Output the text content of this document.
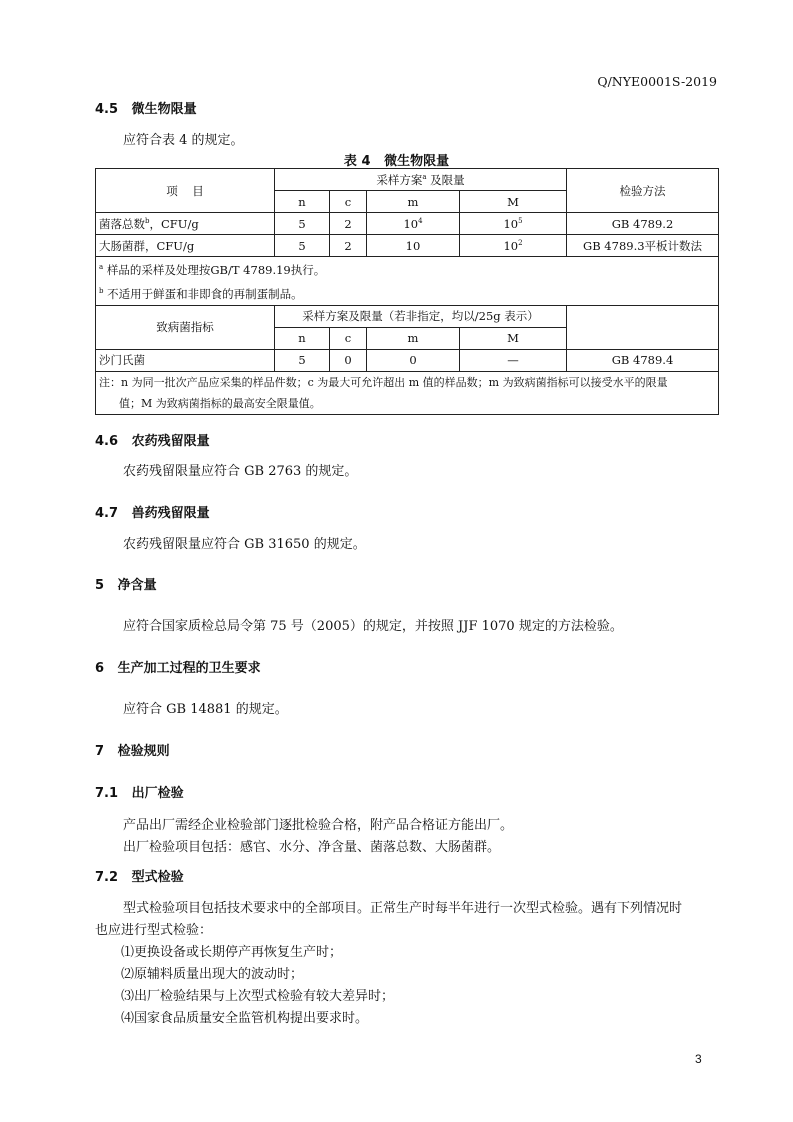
Q/NYE0001S-2019
4.5 微生物限量
应符合表 4 的规定。
表 4   微生物限量
项    目	采样方案$^a$ 及限量				检验方法
	n	c	m	M	
菌落总数$^b$，CFU/g	5	2	$10^4$	$10^5$	GB 4789.2
大肠菌群，CFU/g	5	2	10	$10^2$	GB 4789.3平板计数法

$^a$ 样品的采样及处理按GB/T 4789.19执行。
$^b$ 不适用于鲜蛋和非即食的再制蛋制品。					

致病菌指标	采样方案及限量（若非指定，均以/25g 表示）				
	n	c	m	M	
沙门氏菌	5	0	0	—	GB 4789.4

注：n 为同一批次产品应采集的样品件数；c 为最大可允许超出 m 值的样品数；m 为致病菌指标可以接受水平的限量
值；M 为致病菌指标的最高安全限量值。					
4.6 农药残留限量
农药残留限量应符合 GB 2763 的规定。
4.7 兽药残留限量
农药残留限量应符合 GB 31650 的规定。
5 净含量
应符合国家质检总局令第 75 号（2005）的规定，并按照 JJF 1070 规定的方法检验。
6 生产加工过程的卫生要求
应符合 GB 14881 的规定。
7 检验规则
7.1 出厂检验
产品出厂需经企业检验部门逐批检验合格，附产品合格证方能出厂。
出厂检验项目包括：感官、水分、净含量、菌落总数、大肠菌群。
7.2 型式检验
型式检验项目包括技术要求中的全部项目。正常生产时每半年进行一次型式检验。遇有下列情况时
也应进行型式检验：
⑴更换设备或长期停产再恢复生产时；
⑵原辅料质量出现大的波动时；
⑶出厂检验结果与上次型式检验有较大差异时；
⑷国家食品质量安全监管机构提出要求时。
3
